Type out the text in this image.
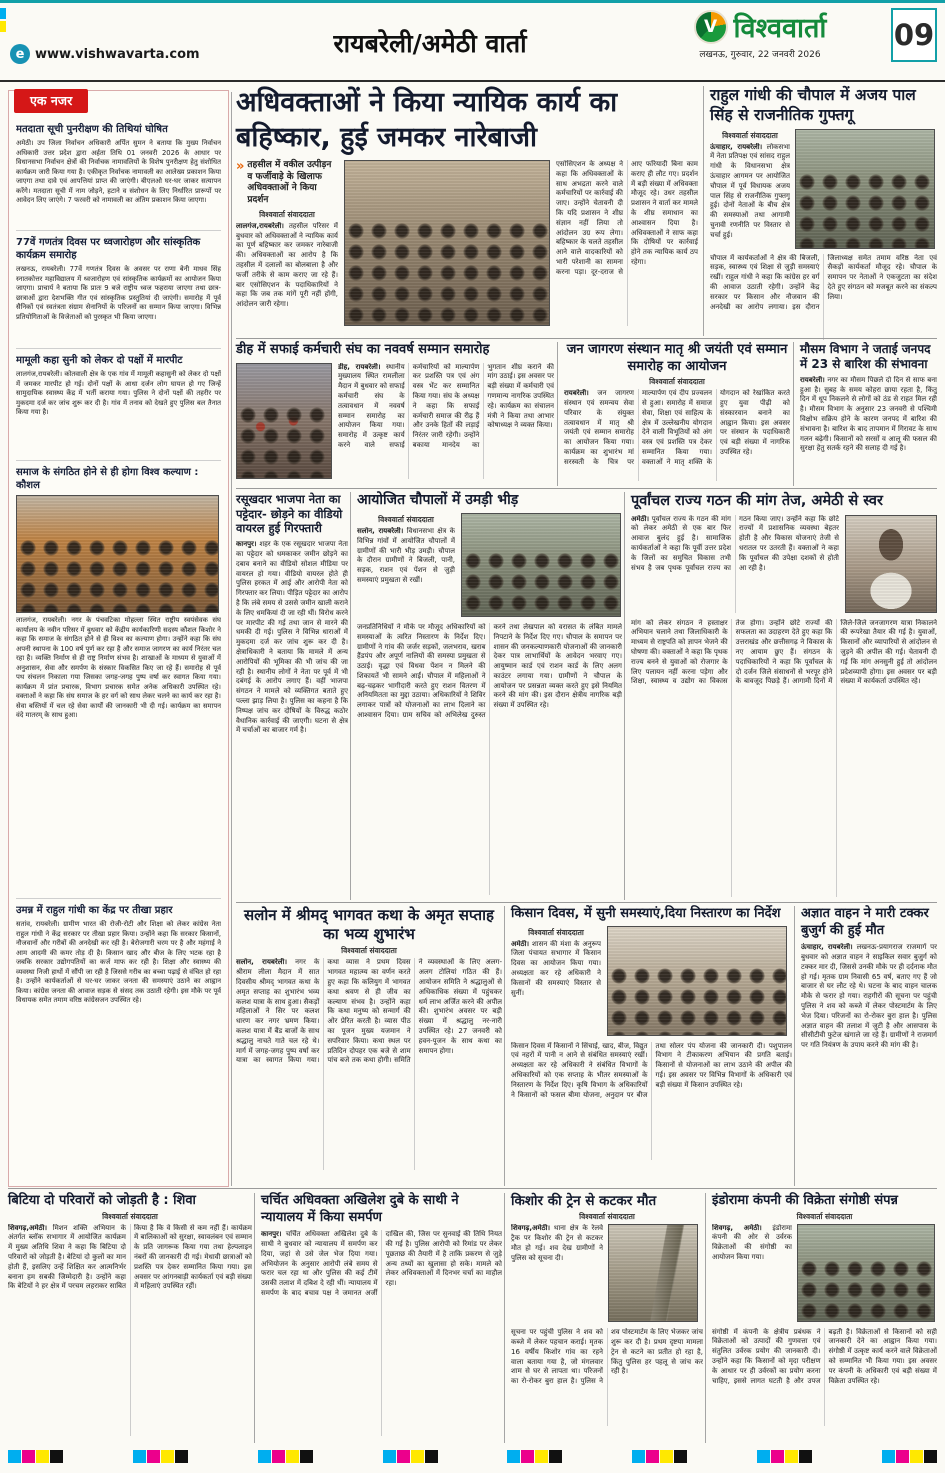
e www.vishwavarta.com	रायबरेली/अमेठी वार्ता
V विश्ववार्ता
लखनऊ, गुरुवार, 22 जनवरी 2026
09
एक नजर
मतदाता सूची पुनरीक्षण की तिथियां घोषित
अमेठी। उप जिला निर्वाचन अधिकारी अर्पित सुमन ने बताया कि मुख्य निर्वाचन अधिकारी उत्तर प्रदेश द्वारा अर्हता तिथि 01 जनवरी 2026 के आधार पर विधानसभा निर्वाचन क्षेत्रों की निर्वाचक नामावलियों के विशेष पुनरीक्षण हेतु संशोधित कार्यक्रम जारी किया गया है। एकीकृत निर्वाचक नामावली का आलेख्य प्रकाशन किया जाएगा तथा दावे एवं आपत्तियां प्राप्त की जाएंगी। बीएलओ घर-घर जाकर सत्यापन करेंगे। मतदाता सूची में नाम जोड़ने, हटाने व संशोधन के लिए निर्धारित प्रारूपों पर आवेदन लिए जाएंगे। 7 फरवरी को नामावली का अंतिम प्रकाशन किया जाएगा।
77वें गणतंत्र दिवस पर ध्वजारोहण और सांस्कृतिक कार्यक्रम समारोह
लखनऊ, रायबरेली। 77वें गणतंत्र दिवस के अवसर पर राणा बेनी माधव सिंह स्नातकोत्तर महाविद्यालय में ध्वजारोहण एवं सांस्कृतिक कार्यक्रमों का आयोजन किया जाएगा। प्राचार्य ने बताया कि प्रातः 9 बजे राष्ट्रीय ध्वज फहराया जाएगा तथा छात्र-छात्राओं द्वारा देशभक्ति गीत एवं सांस्कृतिक प्रस्तुतियां दी जाएंगी। समारोह में पूर्व सैनिकों एवं स्वतंत्रता संग्राम सेनानियों के परिजनों का सम्मान किया जाएगा। विभिन्न प्रतियोगिताओं के विजेताओं को पुरस्कृत भी किया जाएगा।
मामूली कहा सुनी को लेकर दो पक्षों में मारपीट
लालगंज,रायबरेली। कोतवाली क्षेत्र के एक गांव में मामूली कहासुनी को लेकर दो पक्षों में जमकर मारपीट हो गई। दोनों पक्षों के आधा दर्जन लोग घायल हो गए जिन्हें सामुदायिक स्वास्थ्य केंद्र में भर्ती कराया गया। पुलिस ने दोनों पक्षों की तहरीर पर मुकदमा दर्ज कर जांच शुरू कर दी है। गांव में तनाव को देखते हुए पुलिस बल तैनात किया गया है।
समाज के संगठित होने से ही होगा विश्व कल्याण : कौशल
लालगंज, रायबरेली। नगर के पंचवटिका मोहल्ला स्थित राष्ट्रीय स्वयंसेवक संघ कार्यालय के नवीन परिसर में बुधवार को केंद्रीय कार्यकारिणी सदस्य कौशल किशोर ने कहा कि समाज के संगठित होने से ही विश्व का कल्याण होगा। उन्होंने कहा कि संघ अपनी स्थापना के 100 वर्ष पूर्ण कर रहा है और समाज जागरण का कार्य निरंतर चल रहा है। व्यक्ति निर्माण से ही राष्ट्र निर्माण संभव है। शाखाओं के माध्यम से युवाओं में अनुशासन, सेवा और समर्पण के संस्कार विकसित किए जा रहे हैं। समारोह से पूर्व पथ संचलन निकाला गया जिसका जगह-जगह पुष्प वर्षा कर स्वागत किया गया। कार्यक्रम में प्रांत प्रचारक, विभाग प्रचारक समेत अनेक अधिकारी उपस्थित रहे। वक्ताओं ने कहा कि संघ समाज के हर वर्ग को साथ लेकर चलने का कार्य कर रहा है। सेवा बस्तियों में चल रहे सेवा कार्यों की जानकारी भी दी गई। कार्यक्रम का समापन वंदे मातरम् के साथ हुआ।
उमन्न में राहुल गांधी का केंद्र पर तीखा प्रहार
सतांव, रायबरेली। ग्रामीण भारत की रोजी-रोटी और शिक्षा को लेकर कांग्रेस नेता राहुल गांधी ने केंद्र सरकार पर तीखा प्रहार किया। उन्होंने कहा कि सरकार किसानों, नौजवानों और गरीबों की अनदेखी कर रही है। बेरोजगारी चरम पर है और महंगाई ने आम आदमी की कमर तोड़ दी है। किसान खाद और बीज के लिए भटक रहा है जबकि सरकार उद्योगपतियों का कर्ज माफ कर रही है। शिक्षा और स्वास्थ्य की व्यवस्था निजी हाथों में सौंपी जा रही है जिससे गरीब का बच्चा पढ़ाई से वंचित हो रहा है। उन्होंने कार्यकर्ताओं से घर-घर जाकर जनता की समस्याएं उठाने का आह्वान किया। कांग्रेस जनता की आवाज सड़क से संसद तक उठाती रहेगी। इस मौके पर पूर्व विधायक समेत तमाम वरिष्ठ कांग्रेसजन उपस्थित रहे।
अधिवक्ताओं ने किया न्यायिक कार्य का बहिष्कार, हुई जमकर नारेबाजी
» तहसील में वकील उत्पीड़न व फर्जीवाड़े के खिलाफ अधिवक्ताओं ने किया प्रदर्शन
विश्ववार्ता संवाददाता
लालगंज,रायबरेली। तहसील परिसर में बुधवार को अधिवक्ताओं ने न्यायिक कार्य का पूर्ण बहिष्कार कर जमकर नारेबाजी की। अधिवक्ताओं का आरोप है कि तहसील में दलालों का बोलबाला है और फर्जी तरीके से काम कराए जा रहे हैं। बार एसोसिएशन के पदाधिकारियों ने कहा कि जब तक मांगें पूरी नहीं होंगी, आंदोलन जारी रहेगा।
एसोसिएशन के अध्यक्ष ने कहा कि अधिवक्ताओं के साथ अभद्रता करने वाले कर्मचारियों पर कार्रवाई की जाए। उन्होंने चेतावनी दी कि यदि प्रशासन ने शीघ्र संज्ञान नहीं लिया तो आंदोलन उग्र रूप लेगा। बहिष्कार के चलते तहसील आने वाले वादकारियों को भारी परेशानी का सामना करना पड़ा। दूर-दराज से आए फरियादी बिना काम कराए ही लौट गए। प्रदर्शन में बड़ी संख्या में अधिवक्ता मौजूद रहे। उधर तहसील प्रशासन ने वार्ता कर मामले के शीघ्र समाधान का आश्वासन दिया है। अधिवक्ताओं ने साफ कहा कि दोषियों पर कार्रवाई होने तक न्यायिक कार्य ठप रहेगा।
राहुल गांधी की चौपाल में अजय पाल सिंह से राजनीतिक गुफ्तगू
विश्ववार्ता संवाददाता
ऊंचाहार, रायबरेली। लोकसभा में नेता प्रतिपक्ष एवं सांसद राहुल गांधी के विधानसभा क्षेत्र ऊंचाहार आगमन पर आयोजित चौपाल में पूर्व विधायक अजय पाल सिंह से राजनीतिक गुफ्तगू हुई। दोनों नेताओं के बीच क्षेत्र की समस्याओं तथा आगामी चुनावी रणनीति पर विस्तार से चर्चा हुई।
चौपाल में कार्यकर्ताओं ने क्षेत्र की बिजली, सड़क, स्वास्थ्य एवं शिक्षा से जुड़ी समस्याएं रखीं। राहुल गांधी ने कहा कि कांग्रेस हर वर्ग की आवाज उठाती रहेगी। उन्होंने केंद्र सरकार पर किसान और नौजवान की अनदेखी का आरोप लगाया। इस दौरान जिलाध्यक्ष समेत तमाम वरिष्ठ नेता एवं सैकड़ों कार्यकर्ता मौजूद रहे। चौपाल के समापन पर नेताओं ने एकजुटता का संदेश देते हुए संगठन को मजबूत करने का संकल्प लिया।
डीह में सफाई कर्मचारी संघ का नववर्ष सम्मान समारोह
डीह, रायबरेली। स्थानीय मुख्यालय स्थित रामलीला मैदान में बुधवार को सफाई कर्मचारी संघ के तत्वावधान में नववर्ष सम्मान समारोह का आयोजन किया गया। समारोह में उत्कृष्ट कार्य करने वाले सफाई कर्मचारियों को माल्यार्पण कर प्रशस्ति पत्र एवं अंग वस्त्र भेंट कर सम्मानित किया गया। संघ के अध्यक्ष ने कहा कि सफाई कर्मचारी समाज की रीढ़ हैं और उनके हितों की लड़ाई निरंतर जारी रहेगी। उन्होंने बकाया मानदेय का भुगतान शीघ्र कराने की मांग उठाई। इस अवसर पर बड़ी संख्या में कर्मचारी एवं गणमान्य नागरिक उपस्थित रहे। कार्यक्रम का संचालन मंत्री ने किया तथा आभार कोषाध्यक्ष ने व्यक्त किया।
जन जागरण संस्थान मातृ श्री जयंती एवं सम्मान समारोह का आयोजन
विश्ववार्ता संवाददाता
रायबरेली। जन जागरण संस्थान एवं समन्वय सेवा परिवार के संयुक्त तत्वावधान में मातृ श्री जयंती एवं सम्मान समारोह का आयोजन किया गया। कार्यक्रम का शुभारंभ मां सरस्वती के चित्र पर माल्यार्पण एवं दीप प्रज्वलन से हुआ। समारोह में समाज सेवा, शिक्षा एवं साहित्य के क्षेत्र में उल्लेखनीय योगदान देने वाली विभूतियों को अंग वस्त्र एवं प्रशस्ति पत्र देकर सम्मानित किया गया। वक्ताओं ने मातृ शक्ति के योगदान को रेखांकित करते हुए युवा पीढ़ी को संस्कारवान बनाने का आह्वान किया। इस अवसर पर संस्थान के पदाधिकारी एवं बड़ी संख्या में नागरिक उपस्थित रहे।
मौसम विभाग ने जताई जनपद में 23 से बारिश की संभावना
रायबरेली। नगर का मौसम पिछले दो दिन से साफ बना हुआ है। सुबह के समय कोहरा छाया रहता है, किंतु दिन में धूप निकलने से लोगों को ठंड से राहत मिल रही है। मौसम विभाग के अनुसार 23 जनवरी से पश्चिमी विक्षोभ सक्रिय होने के कारण जनपद में बारिश की संभावना है। बारिश के बाद तापमान में गिरावट के साथ गलन बढ़ेगी। किसानों को सरसों व आलू की फसल की सुरक्षा हेतु सतर्क रहने की सलाह दी गई है।
रसूखदार भाजपा नेता का पट्टेदार- छोड़ने का वीडियो वायरल हुई गिरफ्तारी
कानपुर। शहर के एक रसूखदार भाजपा नेता का पट्टेदार को धमकाकर जमीन छोड़ने का दबाव बनाने का वीडियो सोशल मीडिया पर वायरल हो गया। वीडियो वायरल होते ही पुलिस हरकत में आई और आरोपी नेता को गिरफ्तार कर लिया। पीड़ित पट्टेदार का आरोप है कि लंबे समय से उससे जमीन खाली कराने के लिए धमकियां दी जा रही थीं। विरोध करने पर मारपीट की गई तथा जान से मारने की धमकी दी गई। पुलिस ने विभिन्न धाराओं में मुकदमा दर्ज कर जांच शुरू कर दी है। क्षेत्राधिकारी ने बताया कि मामले में अन्य आरोपियों की भूमिका की भी जांच की जा रही है। स्थानीय लोगों ने नेता पर पूर्व में भी दबंगई के आरोप लगाए हैं। वहीं भाजपा संगठन ने मामले को व्यक्तिगत बताते हुए पल्ला झाड़ लिया है। पुलिस का कहना है कि निष्पक्ष जांच कर दोषियों के विरुद्ध कठोर वैधानिक कार्रवाई की जाएगी। घटना से क्षेत्र में चर्चाओं का बाजार गर्म है।
आयोजित चौपालों में उमड़ी भीड़
विश्ववार्ता संवाददाता
सलोन, रायबरेली। विधानसभा क्षेत्र के विभिन्न गांवों में आयोजित चौपालों में ग्रामीणों की भारी भीड़ उमड़ी। चौपाल के दौरान ग्रामीणों ने बिजली, पानी, सड़क, राशन एवं पेंशन से जुड़ी समस्याएं प्रमुखता से रखीं।
जनप्रतिनिधियों ने मौके पर मौजूद अधिकारियों को समस्याओं के त्वरित निस्तारण के निर्देश दिए। ग्रामीणों ने गांव की जर्जर सड़कों, जलभराव, खराब हैंडपंप और अपूर्ण नालियों की समस्या प्रमुखता से उठाई। वृद्धा एवं विधवा पेंशन न मिलने की शिकायतें भी सामने आईं। चौपाल में महिलाओं ने बढ़-चढ़कर भागीदारी करते हुए राशन वितरण में अनियमितता का मुद्दा उठाया। अधिकारियों ने शिविर लगाकर पात्रों को योजनाओं का लाभ दिलाने का आश्वासन दिया। ग्राम सचिव को अभिलेख दुरुस्त करने तथा लेखपाल को वरासत के लंबित मामले निपटाने के निर्देश दिए गए। चौपाल के समापन पर शासन की जनकल्याणकारी योजनाओं की जानकारी देकर पात्र लाभार्थियों के आवेदन भरवाए गए। आयुष्मान कार्ड एवं राशन कार्ड के लिए अलग काउंटर लगाया गया। ग्रामीणों ने चौपाल के आयोजन पर प्रसन्नता व्यक्त करते हुए इसे नियमित करने की मांग की। इस दौरान क्षेत्रीय नागरिक बड़ी संख्या में उपस्थित रहे।
पूर्वांचल राज्य गठन की मांग तेज, अमेठी से स्वर
अमेठी। पूर्वांचल राज्य के गठन की मांग को लेकर अमेठी से एक बार फिर आवाज बुलंद हुई है। सामाजिक कार्यकर्ताओं ने कहा कि पूर्वी उत्तर प्रदेश के जिलों का समुचित विकास तभी संभव है जब पृथक पूर्वांचल राज्य का गठन किया जाए। उन्होंने कहा कि छोटे राज्यों में प्रशासनिक व्यवस्था बेहतर होती है और विकास योजनाएं तेजी से धरातल पर उतरती हैं। वक्ताओं ने कहा कि पूर्वांचल की उपेक्षा दशकों से होती आ रही है।
मांग को लेकर संगठन ने हस्ताक्षर अभियान चलाने तथा जिलाधिकारी के माध्यम से राष्ट्रपति को ज्ञापन भेजने की घोषणा की। वक्ताओं ने कहा कि पृथक राज्य बनने से युवाओं को रोजगार के लिए पलायन नहीं करना पड़ेगा और शिक्षा, स्वास्थ्य व उद्योग का विकास तेज होगा। उन्होंने छोटे राज्यों की सफलता का उदाहरण देते हुए कहा कि उत्तराखंड और छत्तीसगढ़ ने विकास के नए आयाम छुए हैं। संगठन के पदाधिकारियों ने कहा कि पूर्वांचल के दो दर्जन जिले संसाधनों से भरपूर होने के बावजूद पिछड़े हैं। आगामी दिनों में जिले-जिले जनजागरण यात्रा निकालने की रूपरेखा तैयार की गई है। युवाओं, किसानों और व्यापारियों से आंदोलन से जुड़ने की अपील की गई। चेतावनी दी गई कि मांग अनसुनी हुई तो आंदोलन प्रदेशव्यापी होगा। इस अवसर पर बड़ी संख्या में कार्यकर्ता उपस्थित रहे।
सलोन में श्रीमद् भागवत कथा के अमृत सप्ताह का भव्य शुभारंभ
विश्ववार्ता संवाददाता
सलोन, रायबरेली। नगर के श्रीराम लीला मैदान में सात दिवसीय श्रीमद् भागवत कथा के अमृत सप्ताह का शुभारंभ भव्य कलश यात्रा के साथ हुआ। सैकड़ों महिलाओं ने सिर पर कलश धारण कर नगर भ्रमण किया। कलश यात्रा में बैंड बाजों के साथ श्रद्धालु नाचते गाते चल रहे थे। मार्ग में जगह-जगह पुष्प वर्षा कर यात्रा का स्वागत किया गया। कथा व्यास ने प्रथम दिवस भागवत महात्म्य का वर्णन करते हुए कहा कि कलियुग में भागवत कथा श्रवण से ही जीव का कल्याण संभव है। उन्होंने कहा कि कथा मनुष्य को सन्मार्ग की ओर प्रेरित करती है। व्यास पीठ का पूजन मुख्य यजमान ने सपरिवार किया। कथा स्थल पर प्रतिदिन दोपहर एक बजे से शाम पांच बजे तक कथा होगी। समिति ने व्यवस्थाओं के लिए अलग-अलग टोलियां गठित की हैं। आयोजन समिति ने श्रद्धालुओं से अधिकाधिक संख्या में पहुंचकर धर्म लाभ अर्जित करने की अपील की। शुभारंभ अवसर पर बड़ी संख्या में श्रद्धालु नर-नारी उपस्थित रहे। 27 जनवरी को हवन-पूजन के साथ कथा का समापन होगा।
किसान दिवस, में सुनी समस्याएं,दिया निस्तारण का निर्देश
विश्ववार्ता संवाददाता
अमेठी। शासन की मंशा के अनुरूप जिला पंचायत सभागार में किसान दिवस का आयोजन किया गया। अध्यक्षता कर रहे अधिकारी ने किसानों की समस्याएं विस्तार से सुनीं।
किसान दिवस में किसानों ने सिंचाई, खाद, बीज, विद्युत एवं नहरों में पानी न आने से संबंधित समस्याएं रखीं। अध्यक्षता कर रहे अधिकारी ने संबंधित विभागों के अधिकारियों को एक सप्ताह के भीतर समस्याओं के निस्तारण के निर्देश दिए। कृषि विभाग के अधिकारियों ने किसानों को फसल बीमा योजना, अनुदान पर बीज तथा सोलर पंप योजना की जानकारी दी। पशुपालन विभाग ने टीकाकरण अभियान की प्रगति बताई। किसानों से योजनाओं का लाभ उठाने की अपील की गई। इस अवसर पर विभिन्न विभागों के अधिकारी एवं बड़ी संख्या में किसान उपस्थित रहे।
अज्ञात वाहन ने मारी टक्कर बुजुर्ग की हुई मौत
ऊंचाहार, रायबरेली। लखनऊ-प्रयागराज राजमार्ग पर बुधवार को अज्ञात वाहन ने साइकिल सवार बुजुर्ग को टक्कर मार दी, जिससे उनकी मौके पर ही दर्दनाक मौत हो गई। मृतक ग्राम निवासी 65 वर्ष, बताए गए हैं जो बाजार से घर लौट रहे थे। घटना के बाद वाहन चालक मौके से फरार हो गया। राहगीरों की सूचना पर पहुंची पुलिस ने शव को कब्जे में लेकर पोस्टमार्टम के लिए भेज दिया। परिजनों का रो-रोकर बुरा हाल है। पुलिस अज्ञात वाहन की तलाश में जुटी है और आसपास के सीसीटीवी फुटेज खंगाले जा रहे हैं। ग्रामीणों ने राजमार्ग पर गति नियंत्रण के उपाय करने की मांग की है।
बिटिया दो परिवारों को जोड़ती है : शिवा
विश्ववार्ता संवाददाता
शिवगढ़,अमेठी। मिशन शक्ति अभियान के अंतर्गत ब्लॉक सभागार में आयोजित कार्यक्रम में मुख्य अतिथि शिवा ने कहा कि बिटिया दो परिवारों को जोड़ती है। बेटियां दो कुलों का मान होती हैं, इसलिए उन्हें शिक्षित कर आत्मनिर्भर बनाना हम सबकी जिम्मेदारी है। उन्होंने कहा कि बेटियों ने हर क्षेत्र में परचम लहराकर साबित किया है कि वे किसी से कम नहीं हैं। कार्यक्रम में बालिकाओं को सुरक्षा, स्वावलंबन एवं सम्मान के प्रति जागरूक किया गया तथा हेल्पलाइन नंबरों की जानकारी दी गई। मेधावी छात्राओं को प्रशस्ति पत्र देकर सम्मानित किया गया। इस अवसर पर आंगनबाड़ी कार्यकर्ता एवं बड़ी संख्या में महिलाएं उपस्थित रहीं।
चर्चित अधिवक्ता अखिलेश दुबे के साथी ने न्यायालय में किया समर्पण
कानपुर। चर्चित अधिवक्ता अखिलेश दुबे के साथी ने बुधवार को न्यायालय में समर्पण कर दिया, जहां से उसे जेल भेज दिया गया। अभियोजन के अनुसार आरोपी लंबे समय से फरार चल रहा था और पुलिस की कई टीमें उसकी तलाश में दबिश दे रही थीं। न्यायालय में समर्पण के बाद बचाव पक्ष ने जमानत अर्जी दाखिल की, जिस पर सुनवाई की तिथि नियत की गई है। पुलिस आरोपी को रिमांड पर लेकर पूछताछ की तैयारी में है ताकि प्रकरण से जुड़े अन्य तथ्यों का खुलासा हो सके। मामले को लेकर अधिवक्ताओं में दिनभर चर्चा का माहौल रहा।
किशोर की ट्रेन से कटकर मौत
विश्ववार्ता संवाददाता
शिवगढ़,अमेठी। थाना क्षेत्र के रेलवे ट्रैक पर किशोर की ट्रेन से कटकर मौत हो गई। शव देख ग्रामीणों ने पुलिस को सूचना दी।
सूचना पर पहुंची पुलिस ने शव को कब्जे में लेकर पहचान कराई। मृतक 16 वर्षीय किशोर गांव का रहने वाला बताया गया है, जो मंगलवार शाम से घर से लापता था। परिजनों का रो-रोकर बुरा हाल है। पुलिस ने शव पोस्टमार्टम के लिए भेजकर जांच शुरू कर दी है। प्रथम दृष्टया मामला ट्रेन से कटने का प्रतीत हो रहा है, किंतु पुलिस हर पहलू से जांच कर रही है।
इंडोरामा कंपनी की विक्रेता संगोष्ठी संपन्न
विश्ववार्ता संवाददाता
शिवगढ़, अमेठी। इंडोरामा कंपनी की ओर से उर्वरक विक्रेताओं की संगोष्ठी का आयोजन किया गया।
संगोष्ठी में कंपनी के क्षेत्रीय प्रबंधक ने विक्रेताओं को उत्पादों की गुणवत्ता एवं संतुलित उर्वरक प्रयोग की जानकारी दी। उन्होंने कहा कि किसानों को मृदा परीक्षण के आधार पर ही उर्वरकों का प्रयोग करना चाहिए, इससे लागत घटती है और उपज बढ़ती है। विक्रेताओं से किसानों को सही जानकारी देने का आह्वान किया गया। संगोष्ठी में उत्कृष्ट कार्य करने वाले विक्रेताओं को सम्मानित भी किया गया। इस अवसर पर कंपनी के अधिकारी एवं बड़ी संख्या में विक्रेता उपस्थित रहे।
